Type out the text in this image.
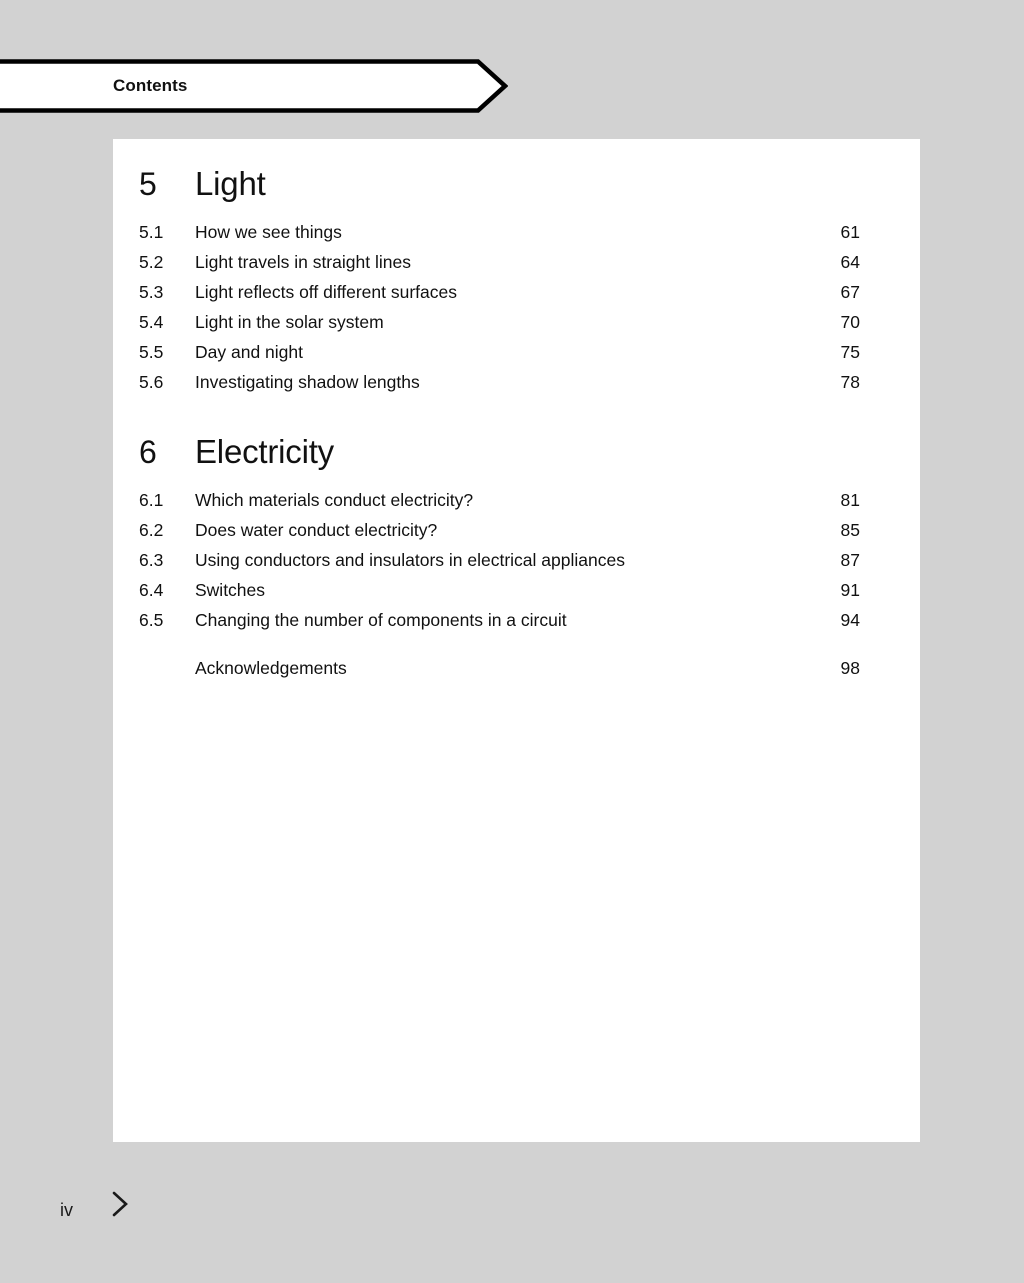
Contents
5	Light
5.1	How we see things	61
5.2	Light travels in straight lines	64
5.3	Light reflects off different surfaces	67
5.4	Light in the solar system	70
5.5	Day and night	75
5.6	Investigating shadow lengths	78
6	Electricity
6.1	Which materials conduct electricity?	81
6.2	Does water conduct electricity?	85
6.3	Using conductors and insulators in electrical appliances	87
6.4	Switches	91
6.5	Changing the number of components in a circuit	94
Acknowledgements	98
iv
